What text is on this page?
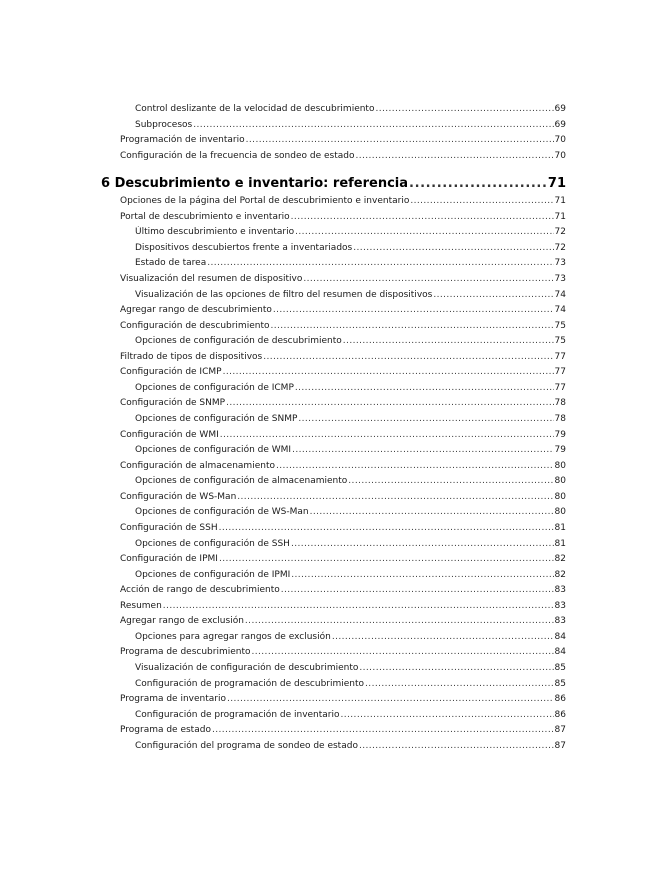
Control deslizante de la velocidad de descubrimiento .....	69
Subprocesos .....	69
Programación de inventario .....	70
Configuración de la frecuencia de sondeo de estado .....	70
6 Descubrimiento e inventario: referencia .....	71
Opciones de la página del Portal de descubrimiento e inventario .....	71
Portal de descubrimiento e inventario .....	71
Último descubrimiento e inventario .....	72
Dispositivos descubiertos frente a inventariados .....	72
Estado de tarea .....	73
Visualización del resumen de dispositivo .....	73
Visualización de las opciones de filtro del resumen de dispositivos .....	74
Agregar rango de descubrimiento .....	74
Configuración de descubrimiento .....	75
Opciones de configuración de descubrimiento .....	75
Filtrado de tipos de dispositivos .....	77
Configuración de ICMP .....	77
Opciones de configuración de ICMP .....	77
Configuración de SNMP .....	78
Opciones de configuración de SNMP .....	78
Configuración de WMI .....	79
Opciones de configuración de WMI .....	79
Configuración de almacenamiento .....	80
Opciones de configuración de almacenamiento .....	80
Configuración de WS-Man .....	80
Opciones de configuración de WS-Man .....	80
Configuración de SSH .....	81
Opciones de configuración de SSH .....	81
Configuración de IPMI .....	82
Opciones de configuración de IPMI .....	82
Acción de rango de descubrimiento .....	83
Resumen .....	83
Agregar rango de exclusión .....	83
Opciones para agregar rangos de exclusión .....	84
Programa de descubrimiento .....	84
Visualización de configuración de descubrimiento .....	85
Configuración de programación de descubrimiento .....	85
Programa de inventario .....	86
Configuración de programación de inventario .....	86
Programa de estado .....	87
Configuración del programa de sondeo de estado .....	87
